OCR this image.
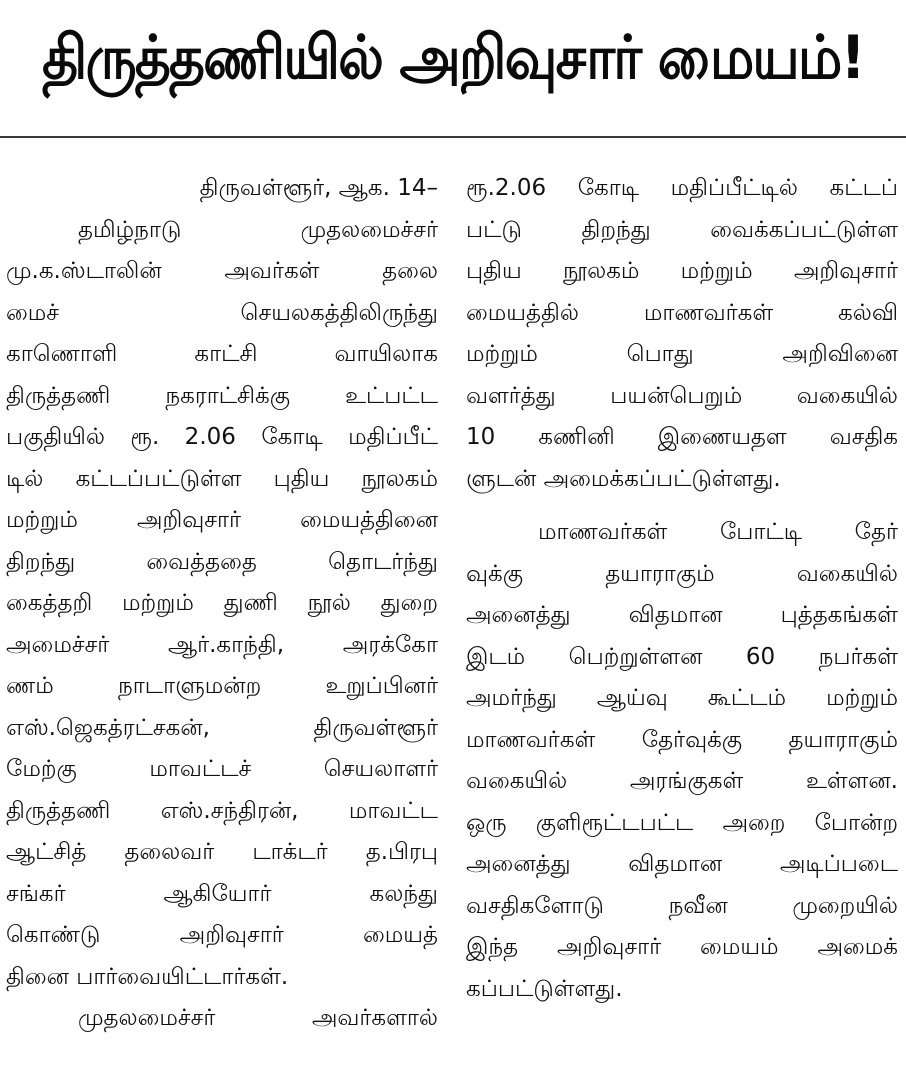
திருத்தணியில் அறிவுசார் மையம்!
திருவள்ளூர், ஆக. 14–
தமிழ்நாடு முதலமைச்சர்
மு.க.ஸ்டாலின் அவர்கள் தலை
மைச் செயலகத்திலிருந்து
காணொளி காட்சி வாயிலாக
திருத்தணி நகராட்சிக்கு உட்பட்ட
பகுதியில் ரூ. 2.06 கோடி மதிப்பீட்
டில் கட்டப்பட்டுள்ள புதிய நூலகம்
மற்றும் அறிவுசார் மையத்தினை
திறந்து வைத்ததை தொடர்ந்து
கைத்தறி மற்றும் துணி நூல் துறை
அமைச்சர் ஆர்.காந்தி, அரக்கோ
ணம் நாடாளுமன்ற உறுப்பினர்
எஸ்.ஜெகத்ரட்சகன், திருவள்ளூர்
மேற்கு மாவட்டச் செயலாளர்
திருத்தணி எஸ்.சந்திரன், மாவட்ட
ஆட்சித் தலைவர் டாக்டர் த.பிரபு
சங்கர் ஆகியோர் கலந்து
கொண்டு அறிவுசார் மையத்
தினை பார்வையிட்டார்கள்.
முதலமைச்சர் அவர்களால்
ரூ.2.06 கோடி மதிப்பீட்டில் கட்டப்
பட்டு திறந்து வைக்கப்பட்டுள்ள
புதிய நூலகம் மற்றும் அறிவுசார்
மையத்தில் மாணவர்கள் கல்வி
மற்றும் பொது அறிவினை
வளர்த்து பயன்பெறும் வகையில்
10 கணினி இணையதள வசதிக
ளுடன் அமைக்கப்பட்டுள்ளது.
மாணவர்கள் போட்டி தேர்
வுக்கு தயாராகும் வகையில்
அனைத்து விதமான புத்தகங்கள்
இடம் பெற்றுள்ளன 60 நபர்கள்
அமர்ந்து ஆய்வு கூட்டம் மற்றும்
மாணவர்கள் தேர்வுக்கு தயாராகும்
வகையில் அரங்குகள் உள்ளன.
ஒரு குளிரூட்டபட்ட அறை போன்ற
அனைத்து விதமான அடிப்படை
வசதிகளோடு நவீன முறையில்
இந்த அறிவுசார் மையம் அமைக்
கப்பட்டுள்ளது.
